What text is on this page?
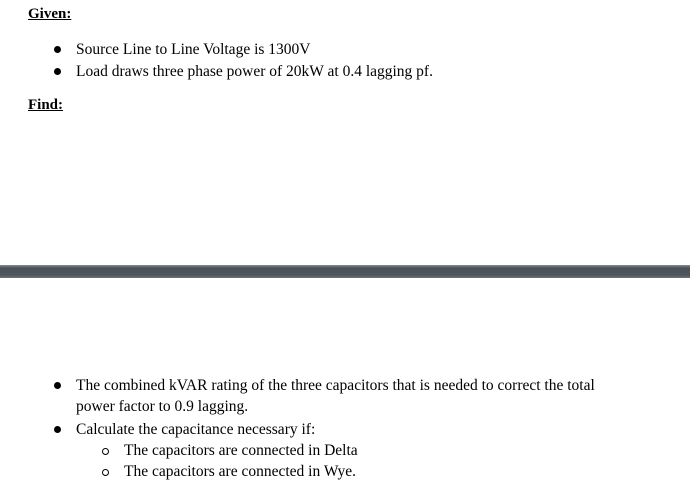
Given:
Source Line to Line Voltage is 1300V
Load draws three phase power of 20kW at 0.4 lagging pf.
Find:
The combined kVAR rating of the three capacitors that is needed to correct the total
power factor to 0.9 lagging.
Calculate the capacitance necessary if:
The capacitors are connected in Delta
The capacitors are connected in Wye.
